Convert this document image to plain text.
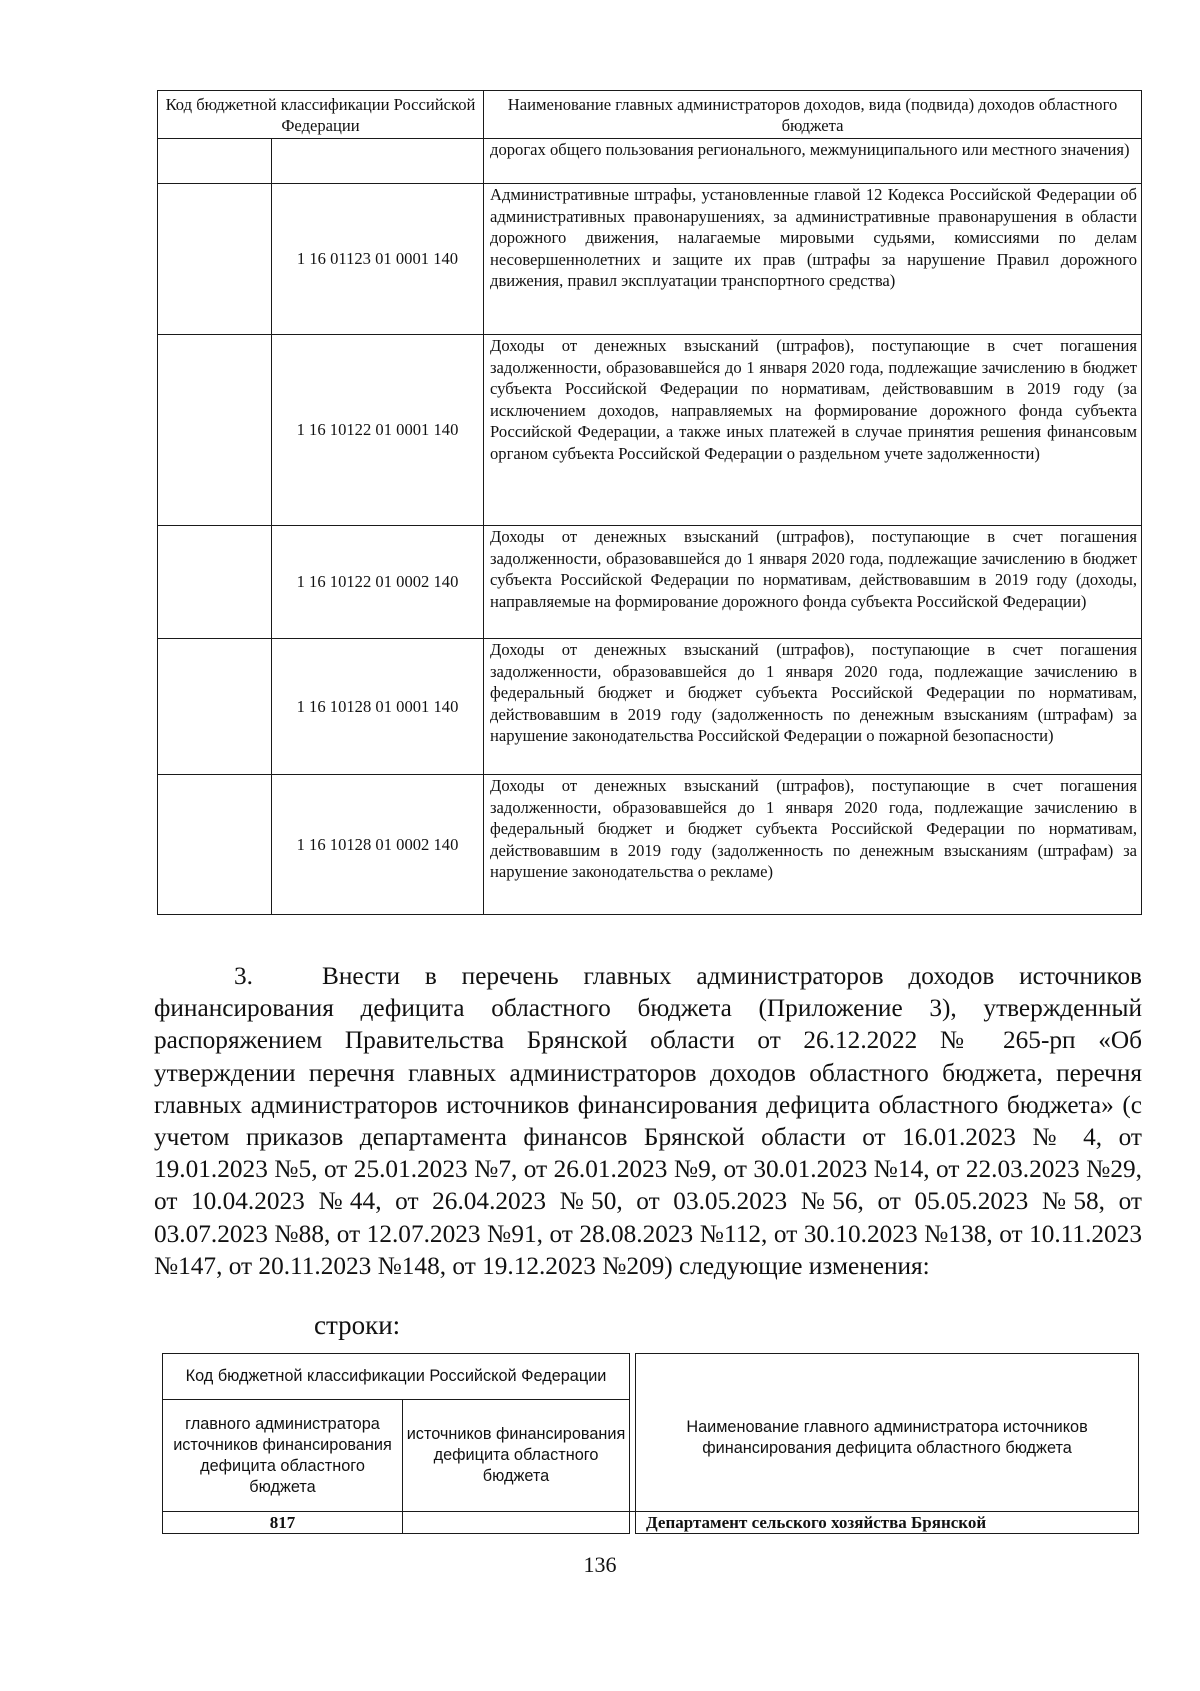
Код бюджетной классификации Российской Федерации		Наименование главных администраторов доходов, вида (подвида) доходов областного бюджета
		дорогах общего пользования регионального, межмуниципального или местного значения)
	1 16 01123 01 0001 140	Административные штрафы, установленные главой 12 Кодекса Российской Федерации об административных правонарушениях, за административные правонарушения в области дорожного движения, налагаемые мировыми судьями, комиссиями по делам несовершеннолетних и защите их прав (штрафы за нарушение Правил дорожного движения, правил эксплуатации транспортного средства)
	1 16 10122 01 0001 140	Доходы от денежных взысканий (штрафов), поступающие в счет погашения задолженности, образовавшейся до 1 января 2020 года, подлежащие зачислению в бюджет субъекта Российской Федерации по нормативам, действовавшим в 2019 году (за исключением доходов, направляемых на формирование дорожного фонда субъекта Российской Федерации, а также иных платежей в случае принятия решения финансовым органом субъекта Российской Федерации о раздельном учете задолженности)
	1 16 10122 01 0002 140	Доходы от денежных взысканий (штрафов), поступающие в счет погашения задолженности, образовавшейся до 1 января 2020 года, подлежащие зачислению в бюджет субъекта Российской Федерации по нормативам, действовавшим в 2019 году (доходы, направляемые на формирование дорожного фонда субъекта Российской Федерации)
	1 16 10128 01 0001 140	Доходы от денежных взысканий (штрафов), поступающие в счет погашения задолженности, образовавшейся до 1 января 2020 года, подлежащие зачислению в федеральный бюджет и бюджет субъекта Российской Федерации по нормативам, действовавшим в 2019 году (задолженность по денежным взысканиям (штрафам) за нарушение законодательства Российской Федерации о пожарной безопасности)
	1 16 10128 01 0002 140	Доходы от денежных взысканий (штрафов), поступающие в счет погашения задолженности, образовавшейся до 1 января 2020 года, подлежащие зачислению в федеральный бюджет и бюджет субъекта Российской Федерации по нормативам, действовавшим в 2019 году (задолженность по денежным взысканиям (штрафам) за нарушение законодательства о рекламе)

3.	Внести в перечень главных администраторов доходов источников финансирования дефицита областного бюджета (Приложение 3), утвержденный распоряжением Правительства Брянской области от 26.12.2022 № 265-рп «Об утверждении перечня главных администраторов доходов областного бюджета, перечня главных администраторов источников финансирования дефицита областного бюджета» (с учетом приказов департамента финансов Брянской области от 16.01.2023 № 4, от 19.01.2023 №5, от 25.01.2023 №7, от 26.01.2023 №9, от 30.01.2023 №14, от 22.03.2023 №29, от 10.04.2023 №44, от 26.04.2023 №50, от 03.05.2023 №56, от 05.05.2023 №58, от 03.07.2023 №88, от 12.07.2023 №91, от 28.08.2023 №112, от 30.10.2023 №138, от 10.11.2023 №147, от 20.11.2023 №148, от 19.12.2023 №209) следующие изменения:

строки:
Код бюджетной классификации Российской Федерации			Наименование главного администратора источников финансирования дефицита областного бюджета
главного администратора источников финансирования дефицита областного бюджета	источников финансирования дефицита областного бюджета		
817			Департамент сельского хозяйства Брянской
136
